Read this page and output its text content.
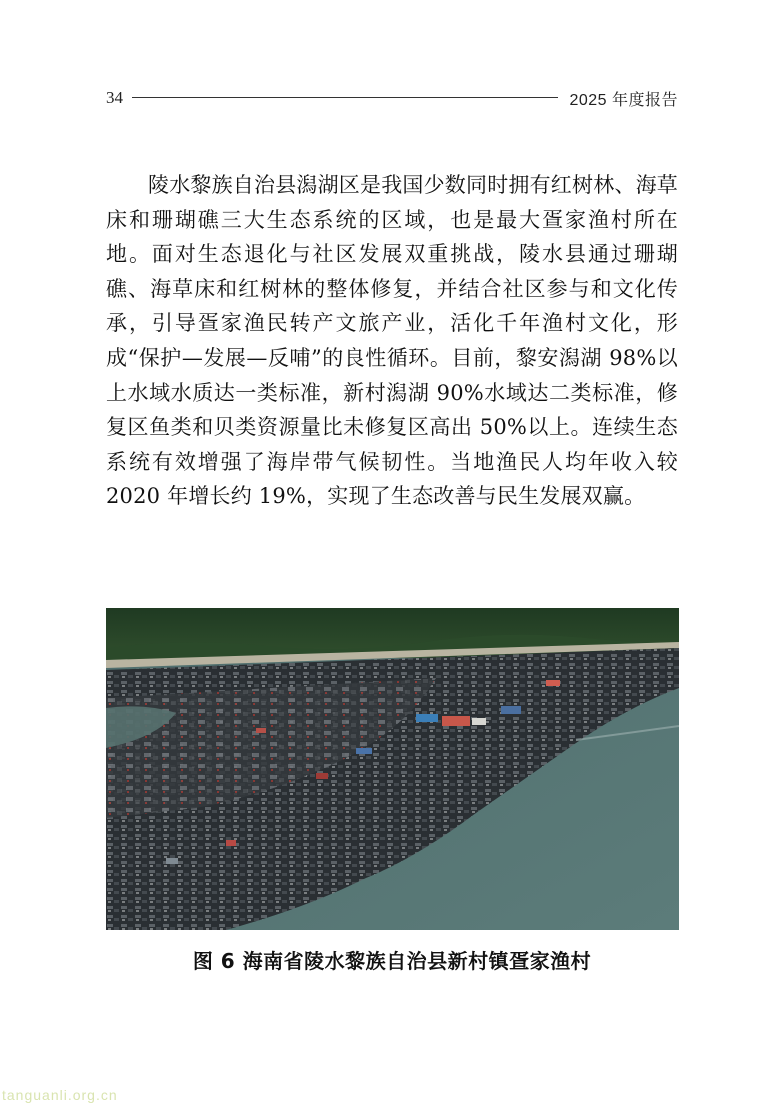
34	2025 年度报告

陵水黎族自治县潟湖区是我国少数同时拥有红树林、海草床和珊瑚礁三大生态系统的区域，也是最大疍家渔村所在地。面对生态退化与社区发展双重挑战，陵水县通过珊瑚礁、海草床和红树林的整体修复，并结合社区参与和文化传承，引导疍家渔民转产文旅产业，活化千年渔村文化，形成“保护—发展—反哺”的良性循环。目前，黎安潟湖 98%以上水域水质达一类标准，新村潟湖 90%水域达二类标准，修复区鱼类和贝类资源量比未修复区高出 50%以上。连续生态系统有效增强了海岸带气候韧性。当地渔民人均年收入较 2020 年增长约 19%，实现了生态改善与民生发展双赢。

图 6 海南省陵水黎族自治县新村镇疍家渔村
tanguanli.org.cn
